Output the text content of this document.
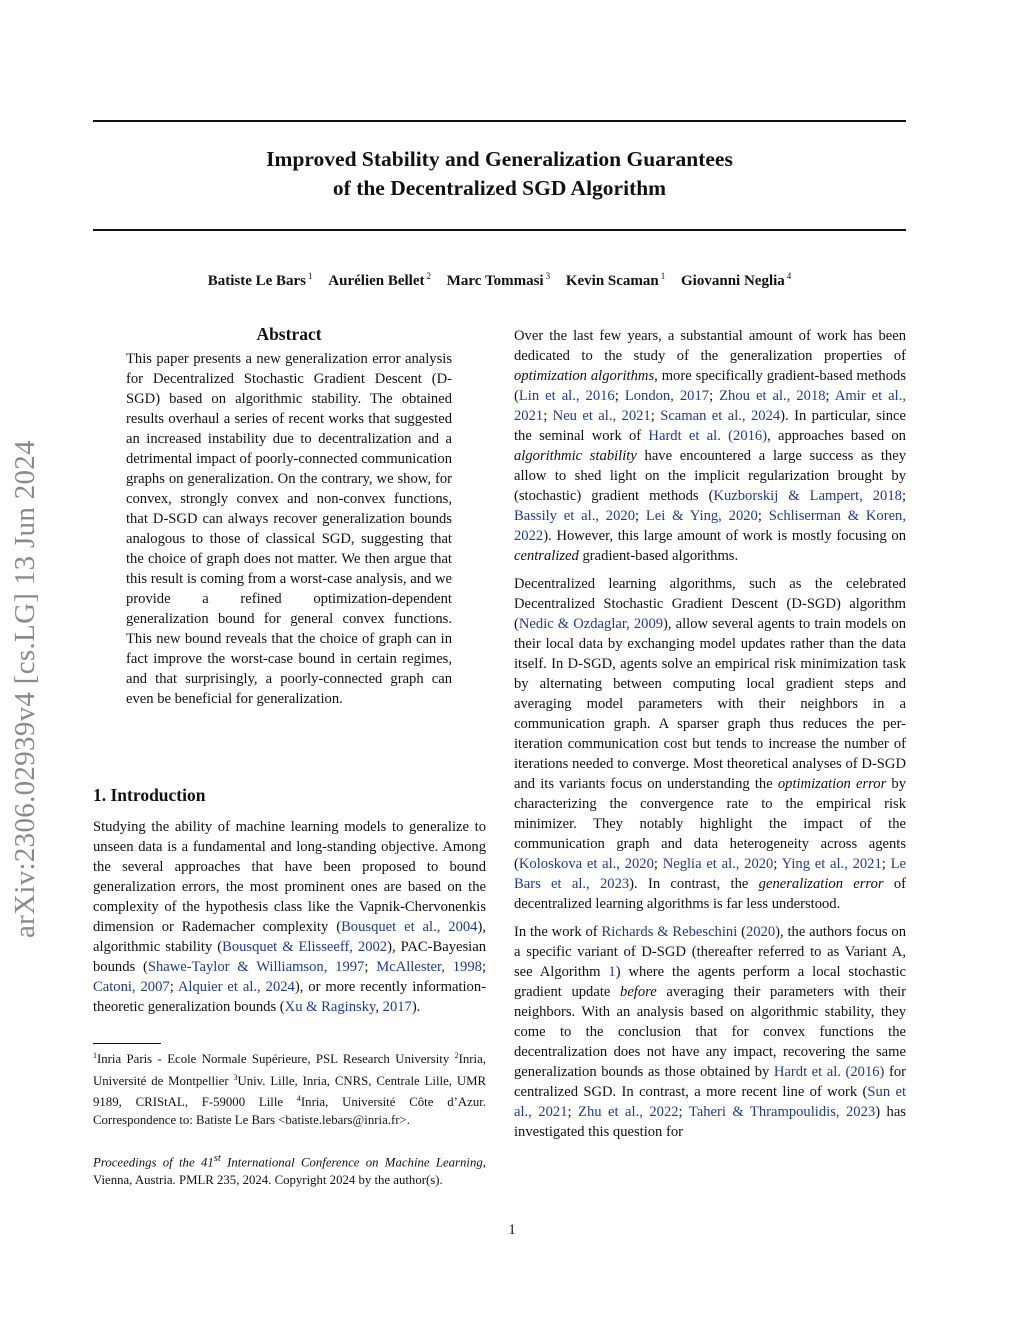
arXiv:2306.02939v4 [cs.LG] 13 Jun 2024
Improved Stability and Generalization Guarantees
of the Decentralized SGD Algorithm
Batiste Le Bars $^1$ Aurélien Bellet $^2$ Marc Tommasi $^3$ Kevin Scaman $^1$ Giovanni Neglia $^4$
Abstract
This paper presents a new generalization error analysis for Decentralized Stochastic Gradient Descent (D-SGD) based on algorithmic stability. The obtained results overhaul a series of recent works that suggested an increased instability due to decentralization and a detrimental impact of poorly-connected communication graphs on generalization. On the contrary, we show, for convex, strongly convex and non-convex functions, that D-SGD can always recover generalization bounds analogous to those of classical SGD, suggesting that the choice of graph does not matter. We then argue that this result is coming from a worst-case analysis, and we provide a refined optimization-dependent generalization bound for general convex functions. This new bound reveals that the choice of graph can in fact improve the worst-case bound in certain regimes, and that surprisingly, a poorly-connected graph can even be beneficial for generalization.
1. Introduction
Studying the ability of machine learning models to generalize to unseen data is a fundamental and long-standing objective. Among the several approaches that have been proposed to bound generalization errors, the most prominent ones are based on the complexity of the hypothesis class like the Vapnik-Chervonenkis dimension or Rademacher complexity (Bousquet et al., 2004), algorithmic stability (Bousquet & Elisseeff, 2002), PAC-Bayesian bounds (Shawe-Taylor & Williamson, 1997; McAllester, 1998; Catoni, 2007; Alquier et al., 2024), or more recently information-theoretic generalization bounds (Xu & Raginsky, 2017).
$^1$Inria Paris - Ecole Normale Supérieure, PSL Research University $^2$Inria, Université de Montpellier $^3$Univ. Lille, Inria, CNRS, Centrale Lille, UMR 9189, CRIStAL, F-59000 Lille $^4$Inria, Université Côte d’Azur. Correspondence to: Batiste Le Bars <batiste.lebars@inria.fr>.
Proceedings of the 41st International Conference on Machine Learning, Vienna, Austria. PMLR 235, 2024. Copyright 2024 by the author(s).

Over the last few years, a substantial amount of work has been dedicated to the study of the generalization properties of optimization algorithms, more specifically gradient-based methods (Lin et al., 2016; London, 2017; Zhou et al., 2018; Amir et al., 2021; Neu et al., 2021; Scaman et al., 2024). In particular, since the seminal work of Hardt et al. (2016), approaches based on algorithmic stability have encountered a large success as they allow to shed light on the implicit regularization brought by (stochastic) gradient methods (Kuzborskij & Lampert, 2018; Bassily et al., 2020; Lei & Ying, 2020; Schliserman & Koren, 2022). However, this large amount of work is mostly focusing on centralized gradient-based algorithms.

Decentralized learning algorithms, such as the celebrated Decentralized Stochastic Gradient Descent (D-SGD) algorithm (Nedic & Ozdaglar, 2009), allow several agents to train models on their local data by exchanging model updates rather than the data itself. In D-SGD, agents solve an empirical risk minimization task by alternating between computing local gradient steps and averaging model parameters with their neighbors in a communication graph. A sparser graph thus reduces the per-iteration communication cost but tends to increase the number of iterations needed to converge. Most theoretical analyses of D-SGD and its variants focus on understanding the optimization error by characterizing the convergence rate to the empirical risk minimizer. They notably highlight the impact of the communication graph and data heterogeneity across agents (Koloskova et al., 2020; Neglia et al., 2020; Ying et al., 2021; Le Bars et al., 2023). In contrast, the generalization error of decentralized learning algorithms is far less understood.

In the work of Richards & Rebeschini (2020), the authors focus on a specific variant of D-SGD (thereafter referred to as Variant A, see Algorithm 1) where the agents perform a local stochastic gradient update before averaging their parameters with their neighbors. With an analysis based on algorithmic stability, they come to the conclusion that for convex functions the decentralization does not have any impact, recovering the same generalization bounds as those obtained by Hardt et al. (2016) for centralized SGD. In contrast, a more recent line of work (Sun et al., 2021; Zhu et al., 2022; Taheri & Thrampoulidis, 2023) has investigated this question for

1
